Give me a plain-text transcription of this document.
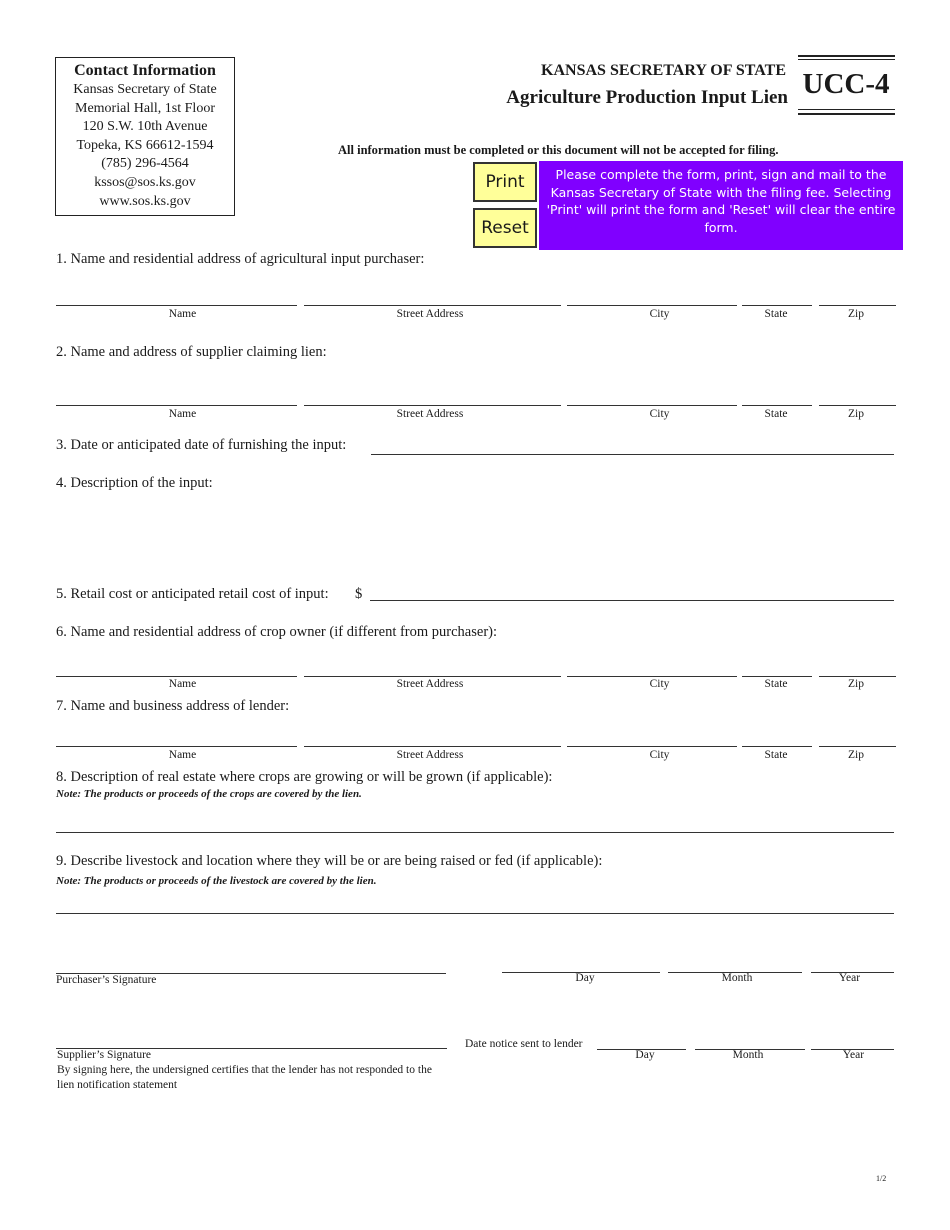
Contact Information
Kansas Secretary of State
Memorial Hall, 1st Floor
120 S.W. 10th Avenue
Topeka, KS 66612-1594
(785) 296-4564
kssos@sos.ks.gov
www.sos.ks.gov
KANSAS SECRETARY OF STATE
Agriculture Production Input Lien UCC-4
All information must be completed or this document will not be accepted for filing.
Print
Reset
Please complete the form, print, sign and mail to the Kansas Secretary of State with the filing fee. Selecting 'Print' will print the form and 'Reset' will clear the entire form.
1. Name and residential address of agricultural input purchaser:
Name	Street Address	City	State	Zip
2. Name and address of supplier claiming lien:
Name	Street Address	City	State	Zip
3. Date or anticipated date of furnishing the input:
4. Description of the input:
5. Retail cost or anticipated retail cost of input: $
6. Name and residential address of crop owner (if different from purchaser):
Name	Street Address	City	State	Zip
7. Name and business address of lender:
Name	Street Address	City	State	Zip
8. Description of real estate where crops are growing or will be grown (if applicable):
Note: The products or proceeds of the crops are covered by the lien.
9. Describe livestock and location where they will be or are being raised or fed (if applicable):
Note: The products or proceeds of the livestock are covered by the lien.
Purchaser’s Signature	Day	Month	Year
Supplier’s Signature
By signing here, the undersigned certifies that the lender has not responded to the lien notification statement
Date notice sent to lender
Day	Month	Year
1/2
